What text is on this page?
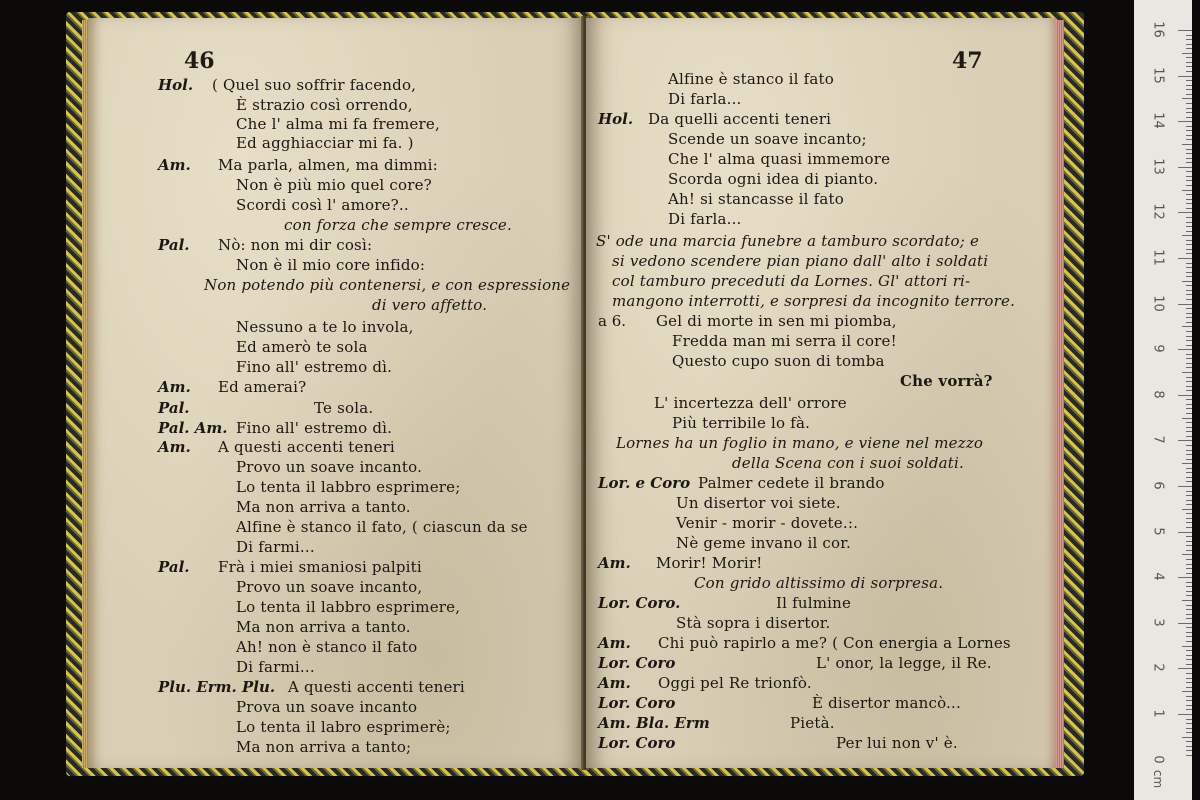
46
Hol. ( Quel suo soffrir facendo,
È strazio così orrendo,
Che l' alma mi fa fremere,
Ed agghiacciar mi fa. )
Am. Ma parla, almen, ma dimmi:
Non è più mio quel core?
Scordi così l' amore?..
con forza che sempre cresce.
Pal. Nò: non mi dir così:
Non è il mio core infido:
Non potendo più contenersi, e con espressione
di vero affetto.
Nessuno a te lo invola,
Ed amerò te sola
Fino all' estremo dì.
Am. Ed amerai?
Pal.	Te sola.
Pal. Am. Fino all' estremo dì.
Am. A questi accenti teneri
Provo un soave incanto.
Lo tenta il labbro esprimere;
Ma non arriva a tanto.
Alfine è stanco il fato, ( ciascun da se
Di farmi...
Pal. Frà i miei smaniosi palpiti
Provo un soave incanto,
Lo tenta il labbro esprimere,
Ma non arriva a tanto.
Ah! non è stanco il fato
Di farmi...
Plu. Erm. Plu. A questi accenti teneri
Prova un soave incanto
Lo tenta il labro esprimerè;
Ma non arriva a tanto;
47
Alfine è stanco il fato
Di farla...
Hol. Da quelli accenti teneri
Scende un soave incanto;
Che l' alma quasi immemore
Scorda ogni idea di pianto.
Ah! si stancasse il fato
Di farla...
S' ode una marcia funebre a tamburo scordato; e
si vedono scendere pian piano dall' alto i soldati
col tamburo preceduti da Lornes. Gl' attori ri-
mangono interrotti, e sorpresi da incognito terrore.
a 6. Gel di morte in sen mi piomba,
Fredda man mi serra il core!
Questo cupo suon di tomba
Che vorrà?
L' incertezza dell' orrore
Più terribile lo fà.
Lornes ha un foglio in mano, e viene nel mezzo
della Scena con i suoi soldati.
Lor. e Coro Palmer cedete il brando
Un disertor voi siete.
Venir - morir - dovete.:.
Nè geme invano il cor.
Am. Morir! Morir!
Con grido altissimo di sorpresa.
Lor. Coro.	Il fulmine
Stà sopra i disertor.
Am. Chi può rapirlo a me? ( Con energia a Lornes
Lor. Coro	L' onor, la legge, il Re.
Am. Oggi pel Re trionfò.
Lor. Coro	È disertor mancò...
Am. Bla. Erm	Pietà.
Lor. Coro	Per lui non v' è.
16
15
14
13
12
11
10
9
8
7
6
5
4
3
2
1
0
cm
